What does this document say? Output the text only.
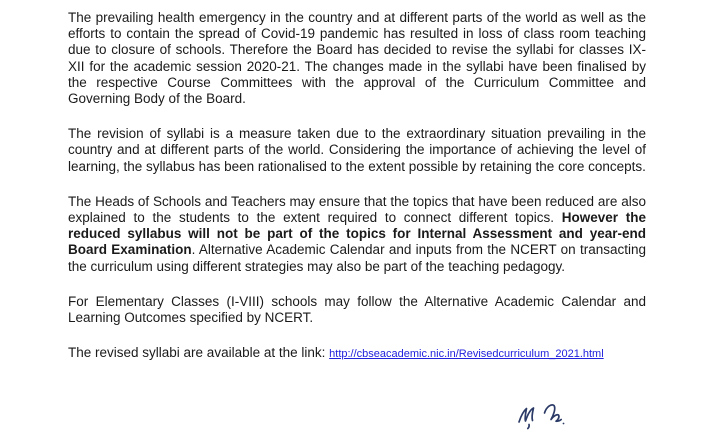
The prevailing health emergency in the country and at different parts of the world as well as the efforts to contain the spread of Covid-19 pandemic has resulted in loss of class room teaching due to closure of schools. Therefore the Board has decided to revise the syllabi for classes IX-XII for the academic session 2020-21. The changes made in the syllabi have been finalised by the respective Course Committees with the approval of the Curriculum Committee and Governing Body of the Board.

The revision of syllabi is a measure taken due to the extraordinary situation prevailing in the country and at different parts of the world. Considering the importance of achieving the level of learning, the syllabus has been rationalised to the extent possible by retaining the core concepts.

The Heads of Schools and Teachers may ensure that the topics that have been reduced are also explained to the students to the extent required to connect different topics. However the reduced syllabus will not be part of the topics for Internal Assessment and year-end Board Examination. Alternative Academic Calendar and inputs from the NCERT on transacting the curriculum using different strategies may also be part of the teaching pedagogy.

For Elementary Classes (I-VIII) schools may follow the Alternative Academic Calendar and Learning Outcomes specified by NCERT.

The revised syllabi are available at the link: http://cbseacademic.nic.in/Revisedcurriculum_2021.html
